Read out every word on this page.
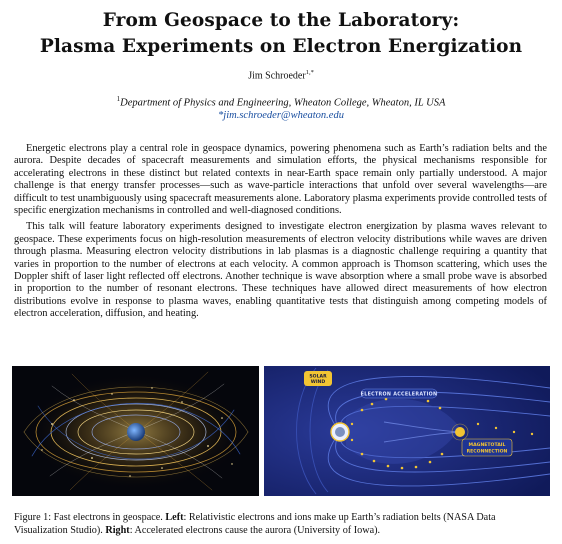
From Geospace to the Laboratory:
Plasma Experiments on Electron Energization
Jim Schroeder$^{1,*}$
$^1$Department of Physics and Engineering, Wheaton College, Wheaton, IL USA
*jim.schroeder@wheaton.edu

Energetic electrons play a central role in geospace dynamics, powering phenomena such as Earth’s radiation belts and the aurora. Despite decades of spacecraft measurements and simulation efforts, the physical mechanisms responsible for accelerating electrons in these distinct but related contexts in near-Earth space remain only partially understood. A major challenge is that energy transfer processes—such as wave-particle interactions that unfold over several wavelengths—are difficult to test unambiguously using spacecraft measurements alone. Laboratory plasma experiments provide controlled tests of specific energization mechanisms in controlled and well-diagnosed conditions.

This talk will feature laboratory experiments designed to investigate electron energization by plasma waves relevant to geospace. These experiments focus on high-resolution measurements of electron velocity distributions while waves are driven through plasma. Measuring electron velocity distributions in lab plasmas is a diagnostic challenge requiring a quantity that varies in proportion to the number of electrons at each velocity. A common approach is Thomson scattering, which uses the Doppler shift of laser light reflected off electrons. Another technique is wave absorption where a small probe wave is absorbed in proportion to the number of resonant electrons. These techniques have allowed direct measurements of how electron distributions evolve in response to plasma waves, enabling quantitative tests that distinguish among competing models of electron acceleration, diffusion, and heating.

SOLAR
WIND
ELECTRON ACCELERATION
MAGNETOTAIL
RECONNECTION
Figure 1: Fast electrons in geospace. Left: Relativistic electrons and ions make up Earth’s radiation belts (NASA Data Visualization Studio). Right: Accelerated electrons cause the aurora (University of Iowa).
